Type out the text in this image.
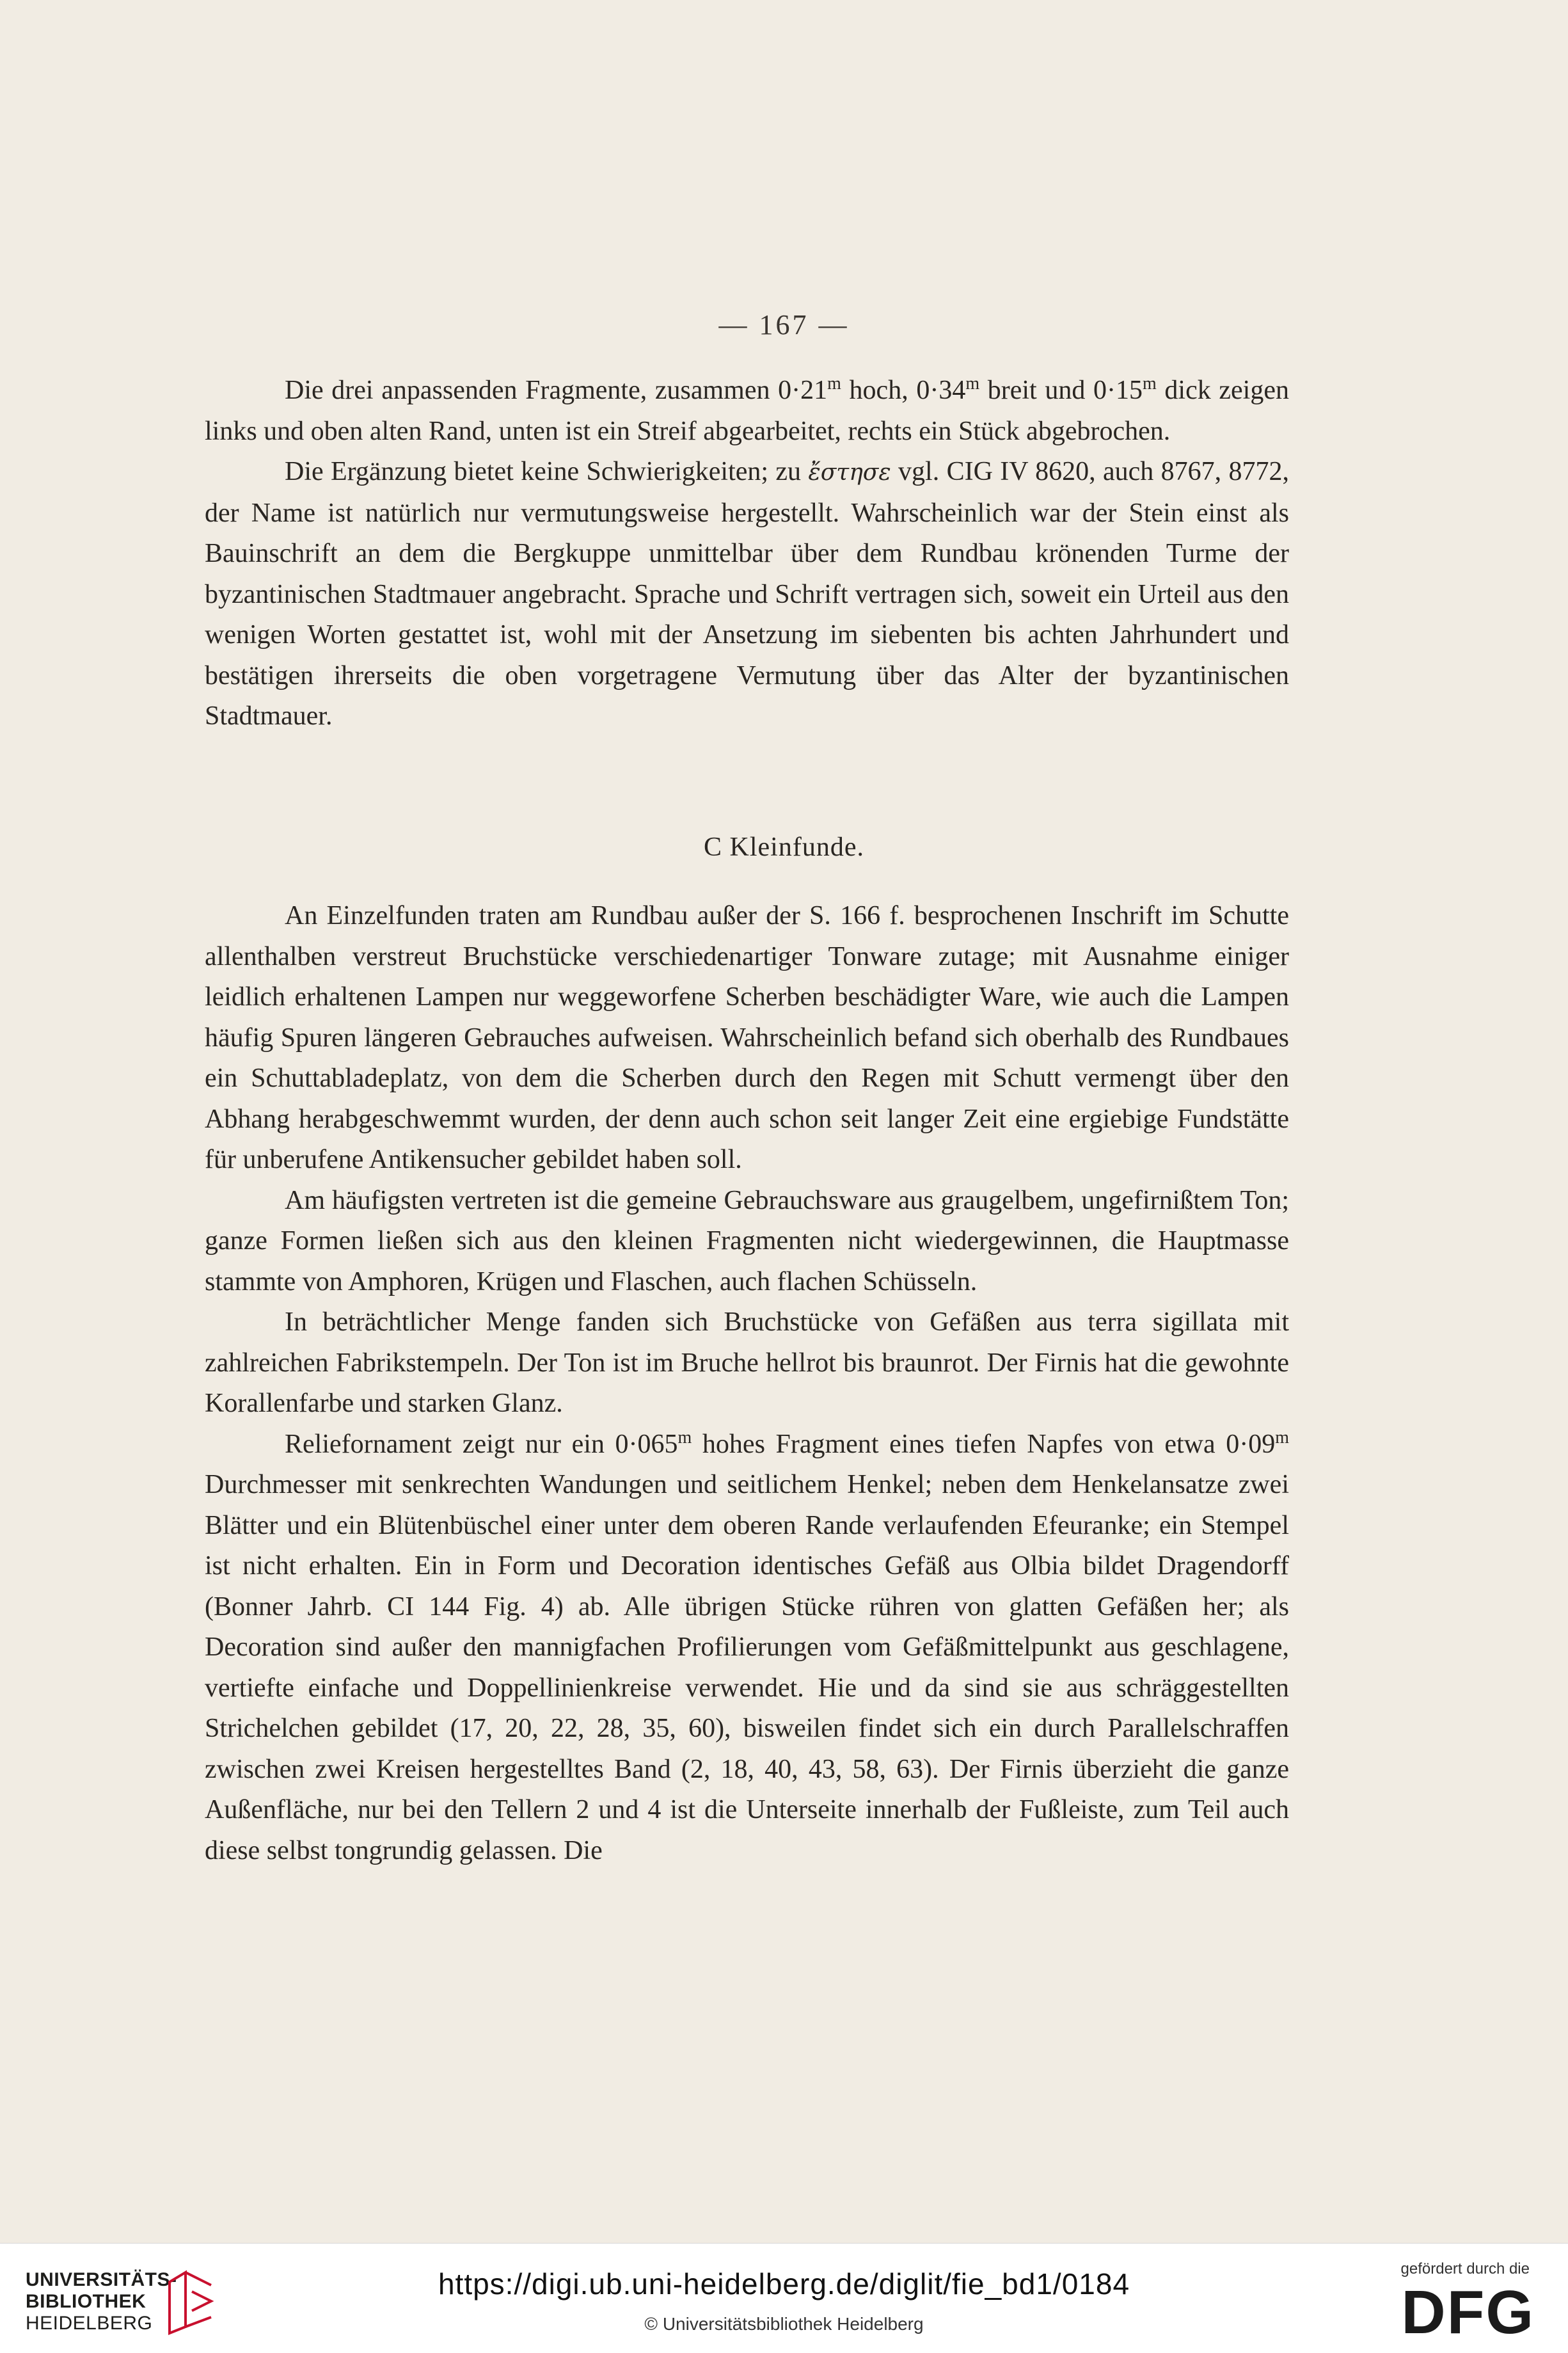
— 167 —

Die drei anpassenden Fragmente, zusammen $0\cdot 21^m$ hoch, $0\cdot 34^m$ breit und $0\cdot 15^m$ dick zeigen links und oben alten Rand, unten ist ein Streif abgearbeitet, rechts ein Stück abgebrochen.

Die Ergänzung bietet keine Schwierigkeiten; zu ἔστησε vgl. CIG IV 8620, auch 8767, 8772, der Name ist natürlich nur vermutungsweise hergestellt. Wahrscheinlich war der Stein einst als Bauinschrift an dem die Bergkuppe unmittelbar über dem Rundbau krönenden Turme der byzantinischen Stadtmauer angebracht. Sprache und Schrift vertragen sich, soweit ein Urteil aus den wenigen Worten gestattet ist, wohl mit der Ansetzung im siebenten bis achten Jahrhundert und bestätigen ihrerseits die oben vorgetragene Vermutung über das Alter der byzantinischen Stadtmauer.

C Kleinfunde.

An Einzelfunden traten am Rundbau außer der S. 166 f. besprochenen Inschrift im Schutte allenthalben verstreut Bruchstücke verschiedenartiger Tonware zutage; mit Ausnahme einiger leidlich erhaltenen Lampen nur weggeworfene Scherben beschädigter Ware, wie auch die Lampen häufig Spuren längeren Gebrauches aufweisen. Wahrscheinlich befand sich oberhalb des Rundbaues ein Schuttabladeplatz, von dem die Scherben durch den Regen mit Schutt vermengt über den Abhang herabgeschwemmt wurden, der denn auch schon seit langer Zeit eine ergiebige Fundstätte für unberufene Antikensucher gebildet haben soll.

Am häufigsten vertreten ist die gemeine Gebrauchsware aus graugelbem, ungefirnißtem Ton; ganze Formen ließen sich aus den kleinen Fragmenten nicht wiedergewinnen, die Hauptmasse stammte von Amphoren, Krügen und Flaschen, auch flachen Schüsseln.

In beträchtlicher Menge fanden sich Bruchstücke von Gefäßen aus terra sigillata mit zahlreichen Fabrikstempeln. Der Ton ist im Bruche hellrot bis braunrot. Der Firnis hat die gewohnte Korallenfarbe und starken Glanz.

Reliefornament zeigt nur ein $0\cdot 065^m$ hohes Fragment eines tiefen Napfes von etwa $0\cdot 09^m$ Durchmesser mit senkrechten Wandungen und seitlichem Henkel; neben dem Henkelansatze zwei Blätter und ein Blütenbüschel einer unter dem oberen Rande verlaufenden Efeuranke; ein Stempel ist nicht erhalten. Ein in Form und Decoration identisches Gefäß aus Olbia bildet Dragendorff (Bonner Jahrb. CI 144 Fig. 4) ab. Alle übrigen Stücke rühren von glatten Gefäßen her; als Decoration sind außer den mannigfachen Profilierungen vom Gefäßmittelpunkt aus geschlagene, vertiefte einfache und Doppellinienkreise verwendet. Hie und da sind sie aus schräggestellten Strichelchen gebildet (17, 20, 22, 28, 35, 60), bisweilen findet sich ein durch Parallelschraffen zwischen zwei Kreisen hergestelltes Band (2, 18, 40, 43, 58, 63). Der Firnis überzieht die ganze Außenfläche, nur bei den Tellern 2 und 4 ist die Unterseite innerhalb der Fußleiste, zum Teil auch diese selbst tongrundig gelassen. Die

UNIVERSITÄTS-
BIBLIOTHEK
HEIDELBERG
https://digi.ub.uni-heidelberg.de/diglit/fie_bd1/0184
© Universitätsbibliothek Heidelberg
gefördert durch die
DFG
